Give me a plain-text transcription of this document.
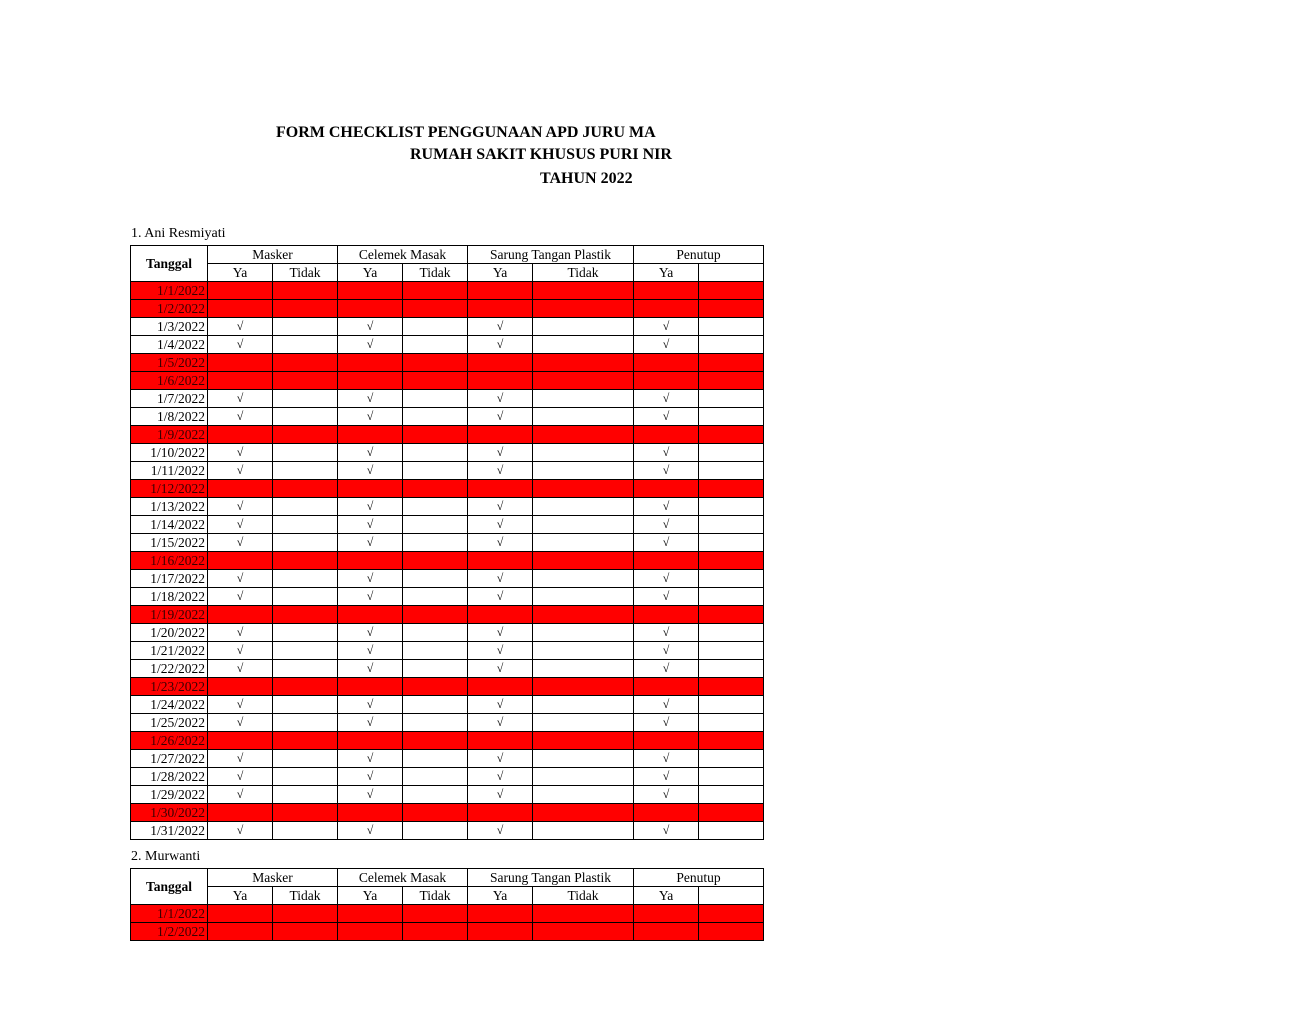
FORM CHECKLIST PENGGUNAAN APD JURU MA
RUMAH SAKIT KHUSUS PURI NIR
TAHUN 2022
1. Ani Resmiyati
Tanggal	Masker		Celemek Masak		Sarung Tangan Plastik		Penutup	
	Ya	Tidak	Ya	Tidak	Ya	Tidak	Ya	
1/1/2022								
1/2/2022								
1/3/2022	√		√		√		√	
1/4/2022	√		√		√		√	
1/5/2022								
1/6/2022								
1/7/2022	√		√		√		√	
1/8/2022	√		√		√		√	
1/9/2022								
1/10/2022	√		√		√		√	
1/11/2022	√		√		√		√	
1/12/2022								
1/13/2022	√		√		√		√	
1/14/2022	√		√		√		√	
1/15/2022	√		√		√		√	
1/16/2022								
1/17/2022	√		√		√		√	
1/18/2022	√		√		√		√	
1/19/2022								
1/20/2022	√		√		√		√	
1/21/2022	√		√		√		√	
1/22/2022	√		√		√		√	
1/23/2022								
1/24/2022	√		√		√		√	
1/25/2022	√		√		√		√	
1/26/2022								
1/27/2022	√		√		√		√	
1/28/2022	√		√		√		√	
1/29/2022	√		√		√		√	
1/30/2022								
1/31/2022	√		√		√		√	
2. Murwanti
Tanggal	Masker		Celemek Masak		Sarung Tangan Plastik		Penutup	
	Ya	Tidak	Ya	Tidak	Ya	Tidak	Ya	
1/1/2022								
1/2/2022								
